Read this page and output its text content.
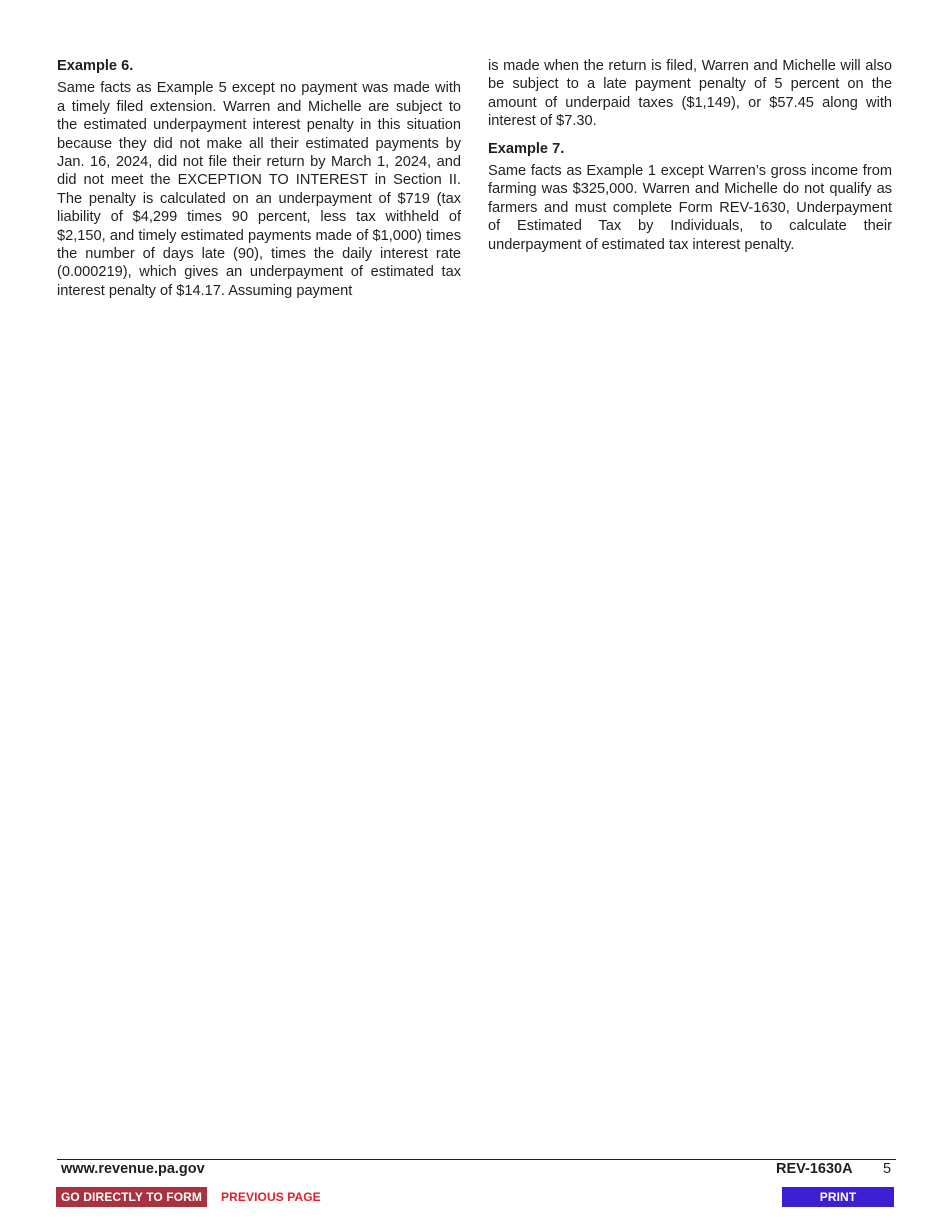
Example 6.

Same facts as Example 5 except no payment was made with a timely filed extension. Warren and Michelle are subject to the estimated underpayment interest penalty in this situation because they did not make all their estimated payments by Jan. 16, 2024, did not file their return by March 1, 2024, and did not meet the EXCEPTION TO INTEREST in Section II. The penalty is calculated on an underpayment of $719 (tax liability of $4,299 times 90 percent, less tax withheld of $2,150, and timely estimated payments made of $1,000) times the number of days late (90), times the daily interest rate (0.000219), which gives an underpayment of estimated tax interest penalty of $14.17. Assuming payment

is made when the return is filed, Warren and Michelle will also be subject to a late payment penalty of 5 percent on the amount of underpaid taxes ($1,149), or $57.45 along with interest of $7.30.

Example 7.

Same facts as Example 1 except Warren’s gross income from farming was $325,000. Warren and Michelle do not qualify as farmers and must complete Form REV-1630, Underpayment of Estimated Tax by Individuals, to calculate their underpayment of estimated tax interest penalty.

www.revenue.pa.gov	REV-1630A 5
GO DIRECTLY TO FORM	PREVIOUS PAGE	PRINT
